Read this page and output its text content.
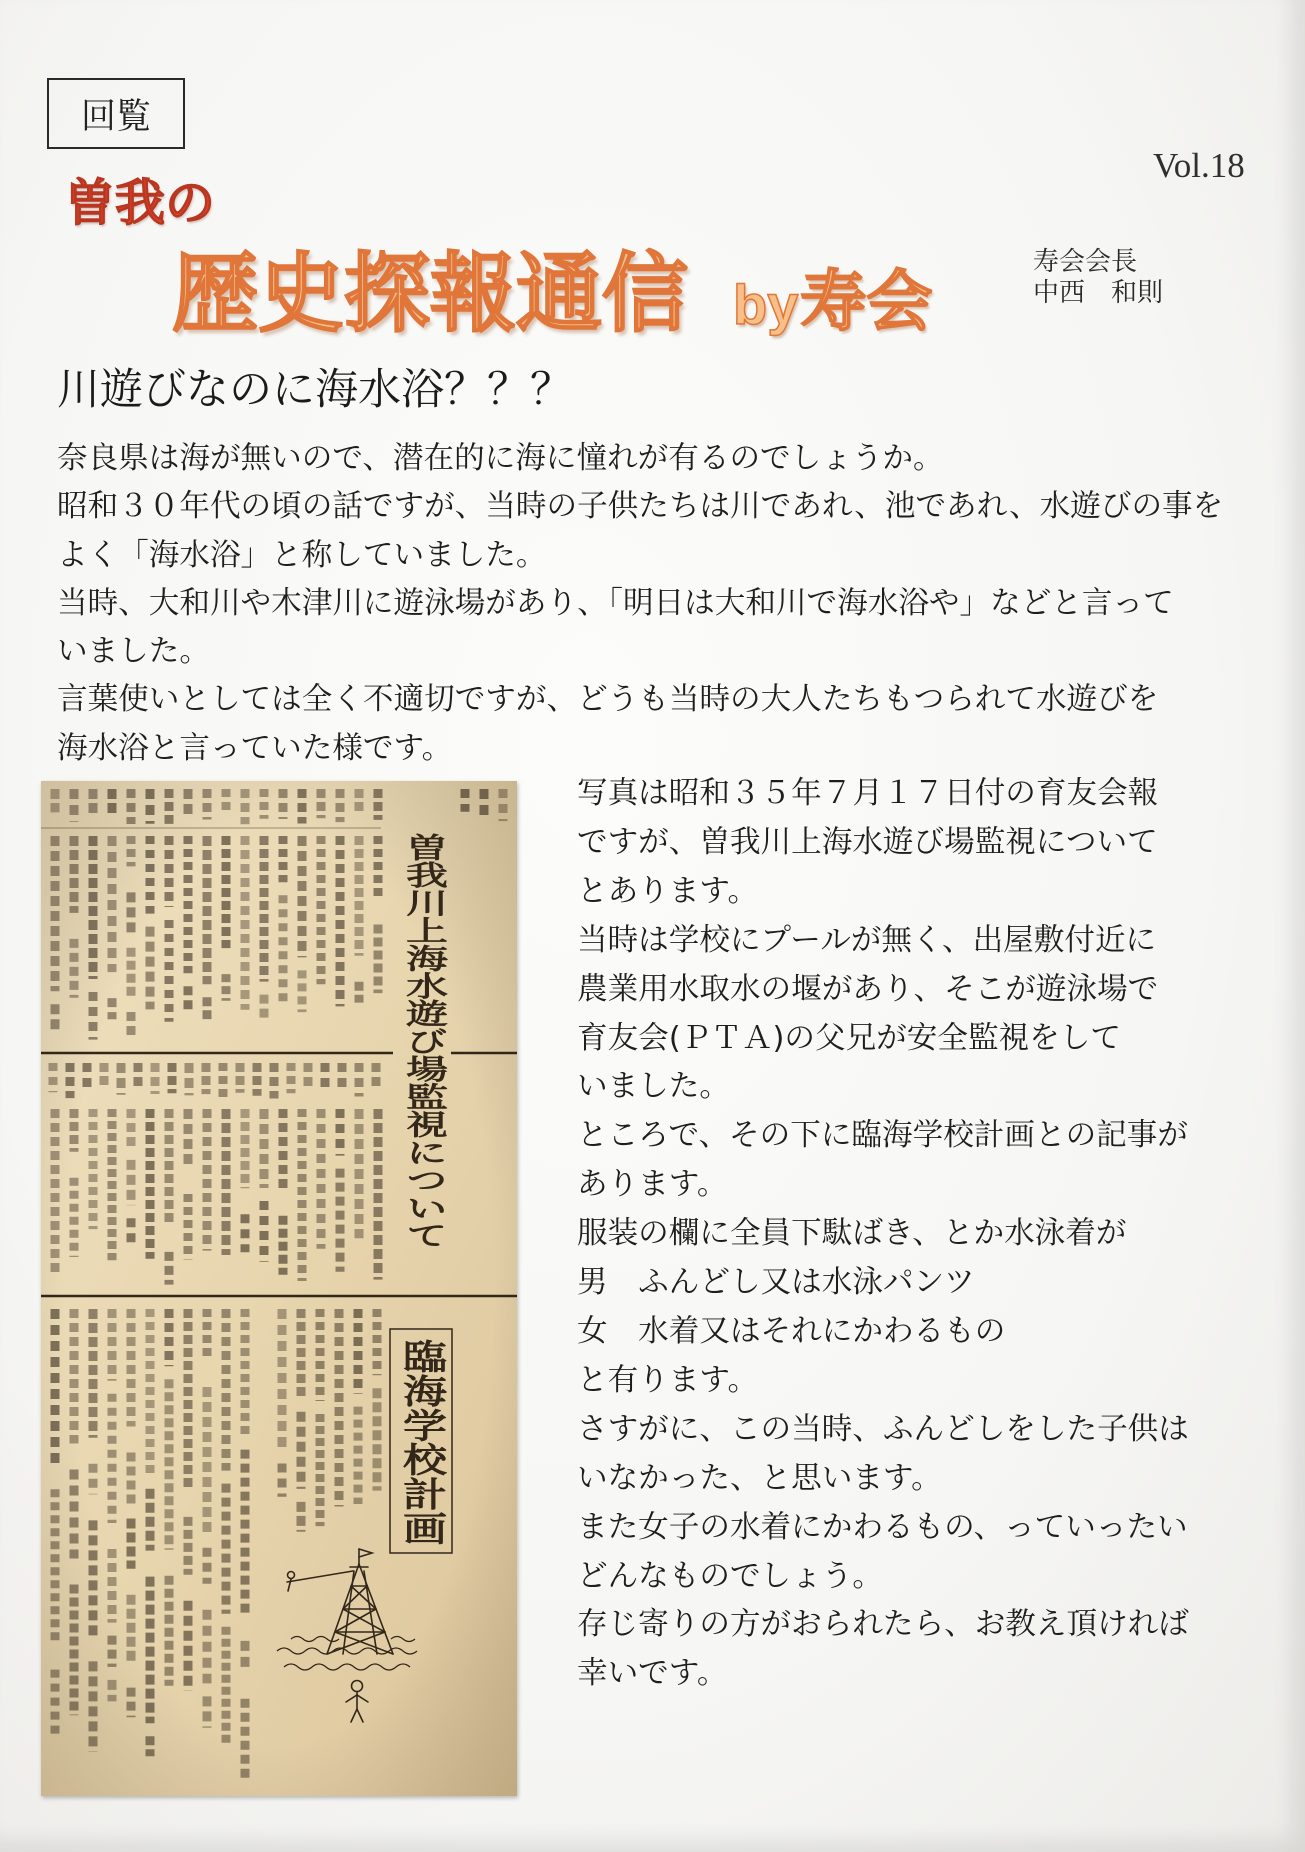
回覧
Vol.18
曽我の
歴史探報通信 by 寿会
寿会会長
中西　和則
川遊びなのに海水浴？？？
奈良県は海が無いので、潜在的に海に憧れが有るのでしょうか。
昭和３０年代の頃の話ですが、当時の子供たちは川であれ、池であれ、水遊びの事を
よく「海水浴」と称していました。
当時、大和川や木津川に遊泳場があり、「明日は大和川で海水浴や」などと言って
いました。
言葉使いとしては全く不適切ですが、どうも当時の大人たちもつられて水遊びを
海水浴と言っていた様です。
曽我川上海水遊び場監視について
臨海学校計画
写真は昭和３５年７月１７日付の育友会報
ですが、曽我川上海水遊び場監視について
とあります。
当時は学校にプールが無く、出屋敷付近に
農業用水取水の堰があり、そこが遊泳場で
育友会(ＰＴＡ)の父兄が安全監視をして
いました。
ところで、その下に臨海学校計画との記事が
あります。
服装の欄に全員下駄ばき、とか水泳着が
男　ふんどし又は水泳パンツ
女　水着又はそれにかわるもの
と有ります。
さすがに、この当時、ふんどしをした子供は
いなかった、と思います。
また女子の水着にかわるもの、っていったい
どんなものでしょう。
存じ寄りの方がおられたら、お教え頂ければ
幸いです。
